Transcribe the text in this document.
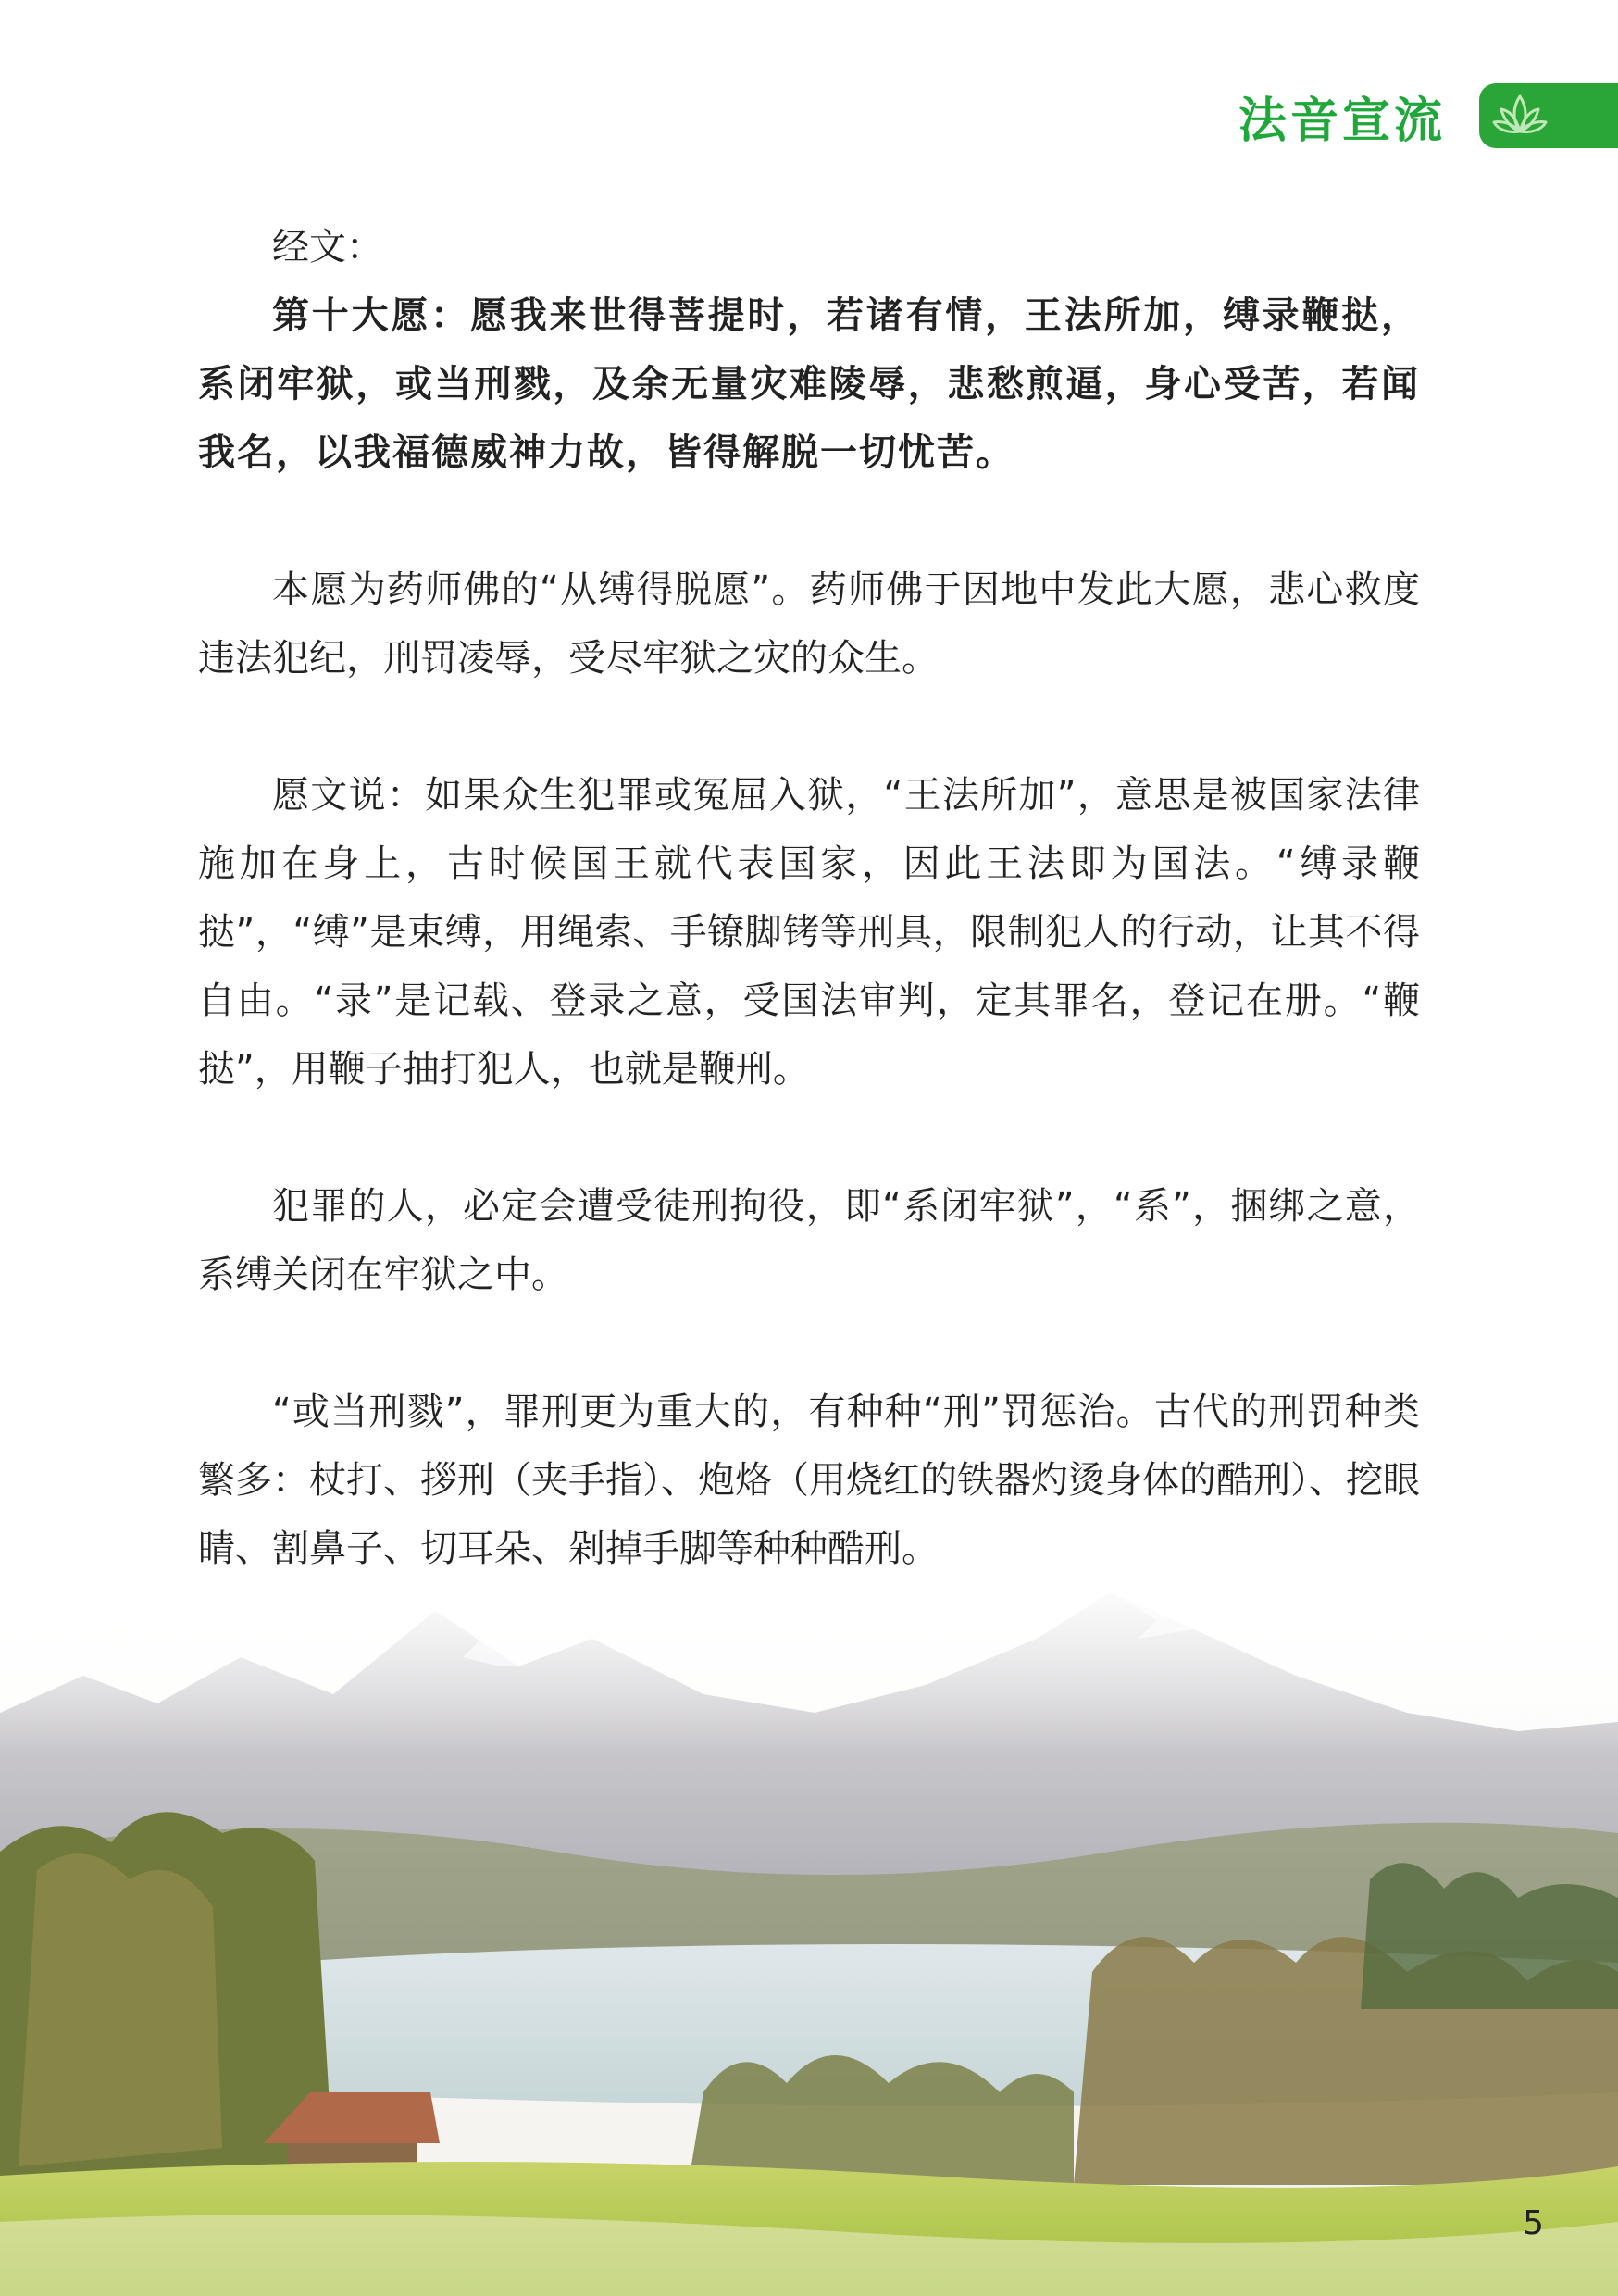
法音宣流

经文：

第十大愿：愿我来世得菩提时，若诸有情，王法所加，缚录鞭挞，系闭牢狱，或当刑戮，及余无量灾难陵辱，悲愁煎逼，身心受苦，若闻我名，以我福德威神力故，皆得解脱一切忧苦。

本愿为药师佛的“从缚得脱愿”。药师佛于因地中发此大愿，悲心救度违法犯纪，刑罚凌辱，受尽牢狱之灾的众生。

愿文说：如果众生犯罪或冤屈入狱，“王法所加”，意思是被国家法律施加在身上，古时候国王就代表国家，因此王法即为国法。“缚录鞭挞”，“缚”是束缚，用绳索、手镣脚铐等刑具，限制犯人的行动，让其不得自由。“录”是记载、登录之意，受国法审判，定其罪名，登记在册。“鞭挞”，用鞭子抽打犯人，也就是鞭刑。

犯罪的人，必定会遭受徒刑拘役，即“系闭牢狱”，“系”，捆绑之意，系缚关闭在牢狱之中。

“或当刑戮”，罪刑更为重大的，有种种“刑”罚惩治。古代的刑罚种类繁多：杖打、拶刑（夹手指）、炮烙（用烧红的铁器灼烫身体的酷刑）、挖眼睛、割鼻子、切耳朵、剁掉手脚等种种酷刑。

5
